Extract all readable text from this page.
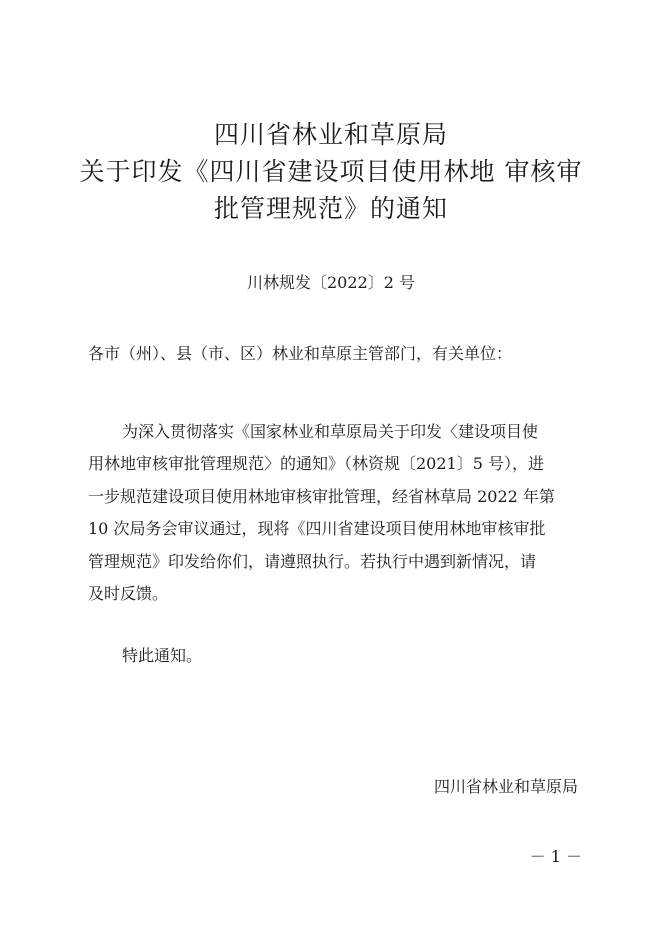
四川省林业和草原局
关于印发《四川省建设项目使用林地 审核审
批管理规范》的通知
川林规发〔2022〕2 号
各市（州）、县（市、区）林业和草原主管部门，有关单位：
为深入贯彻落实《国家林业和草原局关于印发〈建设项目使
用林地审核审批管理规范〉的通知》（林资规〔2021〕5 号），进
一步规范建设项目使用林地审核审批管理，经省林草局 2022 年第
10 次局务会审议通过，现将《四川省建设项目使用林地审核审批
管理规范》印发给你们，请遵照执行。若执行中遇到新情况，请
及时反馈。
特此通知。
四川省林业和草原局
－ 1 －
